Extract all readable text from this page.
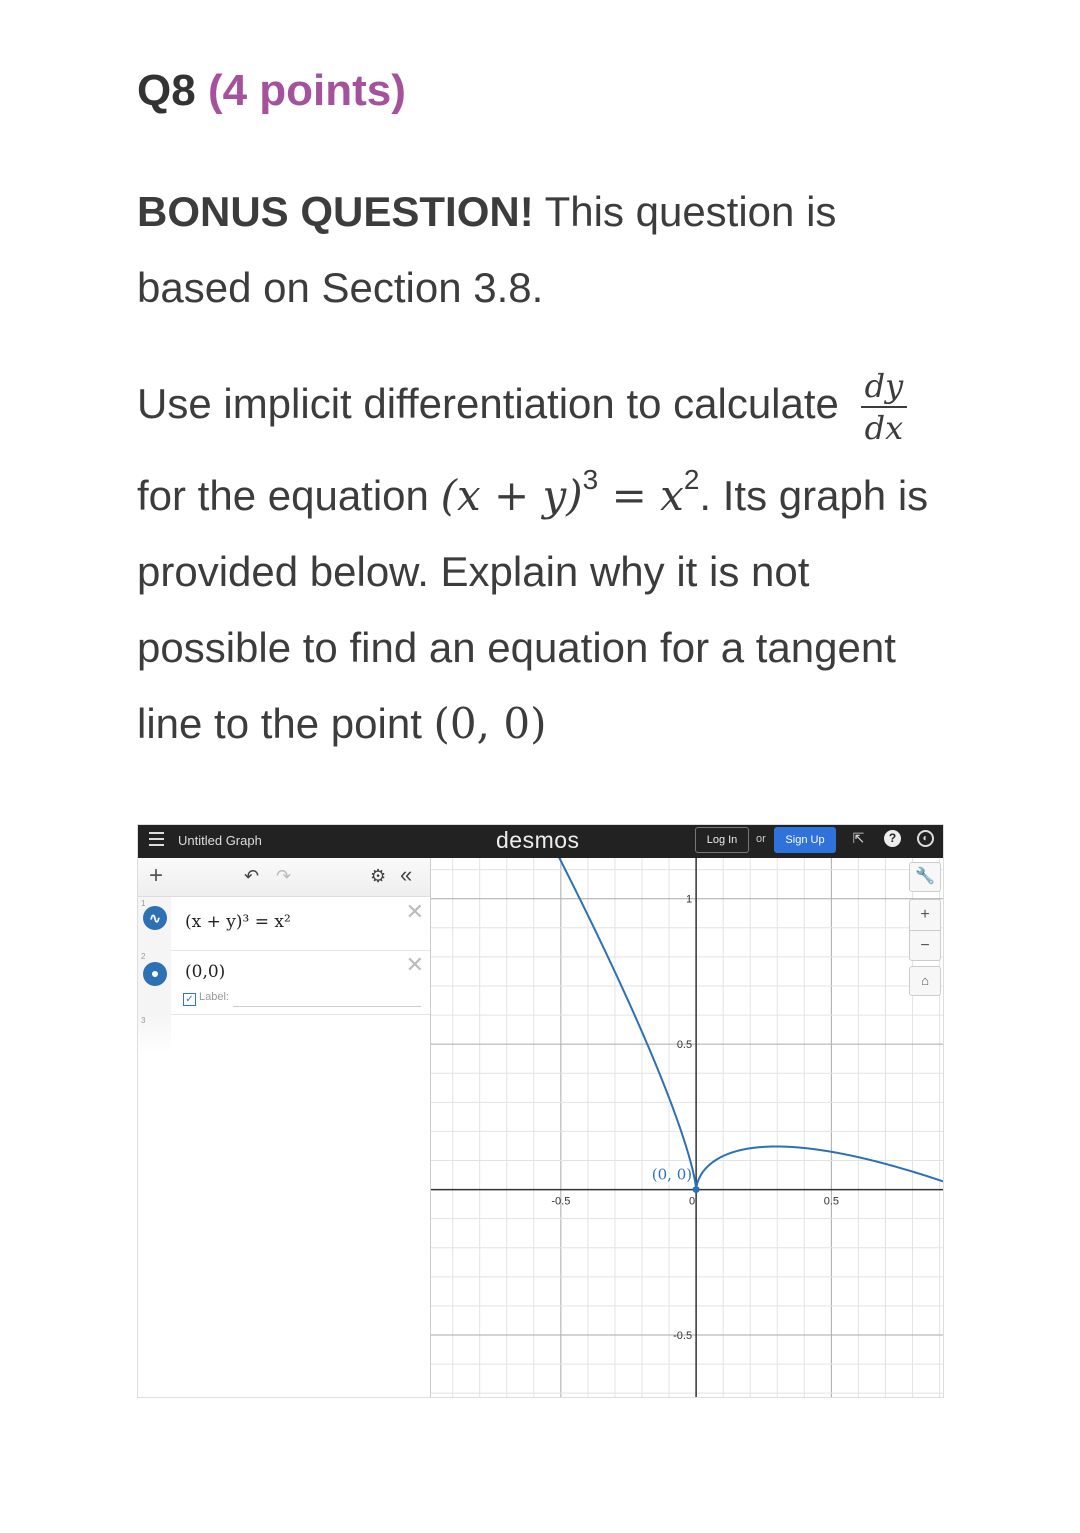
Q8 (4 points)
BONUS QUESTION! This question is based on Section 3.8.
Use implicit differentiation to calculate $\frac{dy}{dx}$

for the equation $(x + y)^3 = x^2$. Its graph is provided below. Explain why it is not possible to find an equation for a tangent line to the point (0, 0)
Untitled Graph	desmos	Log In	or	Sign Up	⇱	?	◐
+	↶ ↷	⚙ «
1
∿	(x + y)³ = x²	✕
2
(0,0)	✕
✓ Label:
3
-0.5	0	0.5
1
0.5
-0.5
(0, 0)
🔧
+
−
⌂
